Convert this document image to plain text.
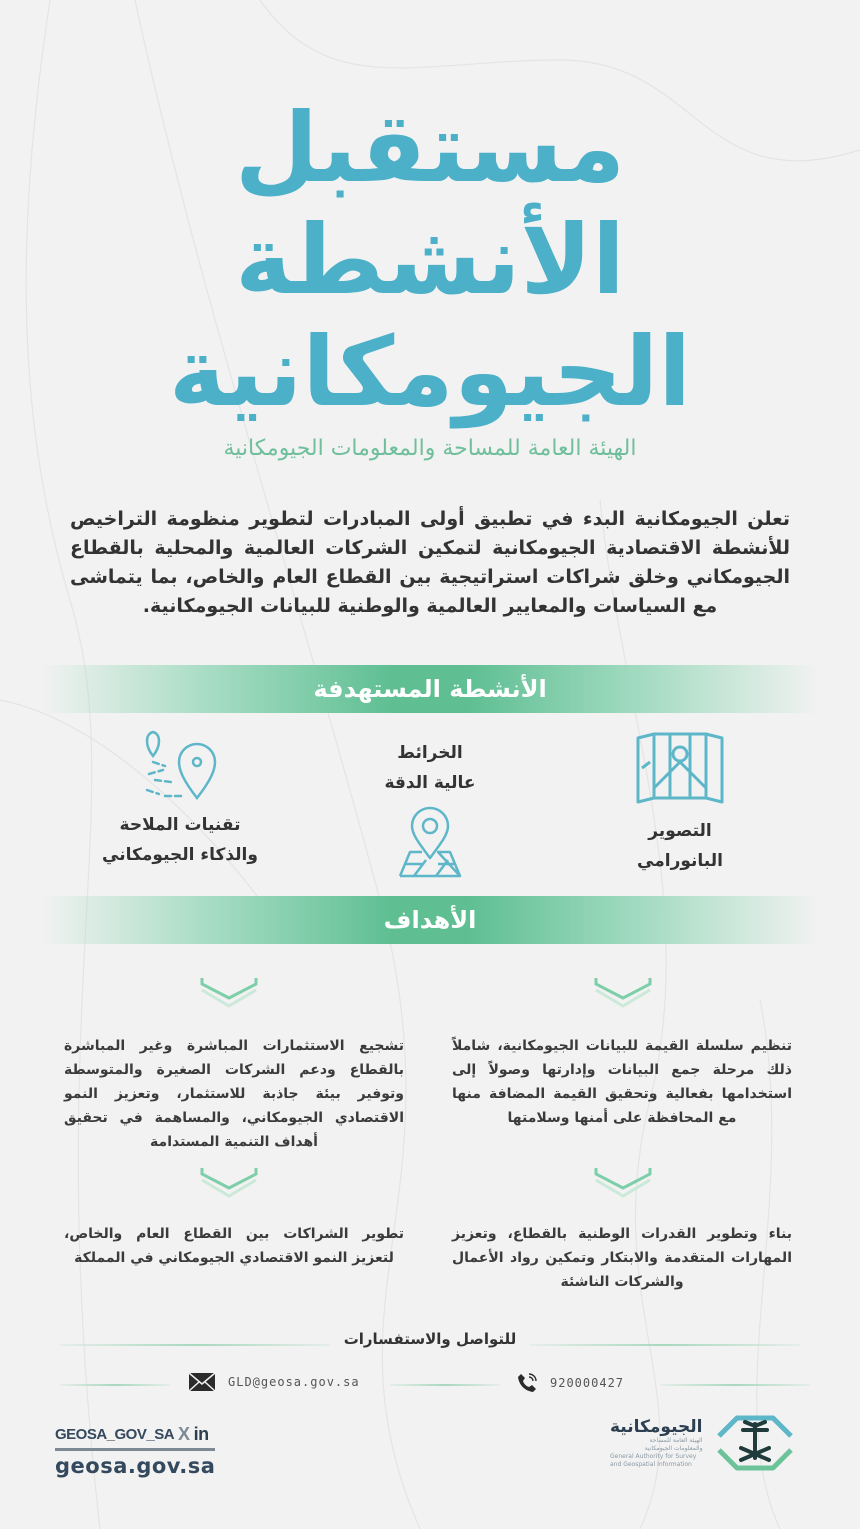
مستقبل
الأنشطة
الجيومكانية
الهيئة العامة للمساحة والمعلومات الجيومكانية

تعلن الجيومكانية البدء في تطبيق أولى المبادرات لتطوير منظومة التراخيص للأنشطة الاقتصادية الجيومكانية لتمكين الشركات العالمية والمحلية بالقطاع الجيومكاني وخلق شراكات استراتيجية بين القطاع العام والخاص، بما يتماشى مع السياسات والمعايير العالمية والوطنية للبيانات الجيومكانية.

الأنشطة المستهدفة
التصوير
البانورامي
الخرائط
عالية الدقة
تقنيات الملاحة
والذكاء الجيومكاني
الأهداف

تنظيم سلسلة القيمة للبيانات الجيومكانية، شاملاً ذلك مرحلة جمع البيانات وإدارتها وصولاً إلى استخدامها بفعالية وتحقيق القيمة المضافة منها مع المحافظة على أمنها وسلامتها

تشجيع الاستثمارات المباشرة وغير المباشرة بالقطاع ودعم الشركات الصغيرة والمتوسطة وتوفير بيئة جاذبة للاستثمار، وتعزيز النمو الاقتصادي الجيومكاني، والمساهمة في تحقيق أهداف التنمية المستدامة

بناء وتطوير القدرات الوطنية بالقطاع، وتعزيز المهارات المتقدمة والابتكار وتمكين رواد الأعمال والشركات الناشئة

تطوير الشراكات بين القطاع العام والخاص، لتعزيز النمو الاقتصادي الجيومكاني في المملكة

للتواصل والاستفسارات
GLD@geosa.gov.sa	920000427
GEOSA_GOV_SA X in
geosa.gov.sa
الجيومكانية
الهيئة العامة للمساحة
والمعلومات الجيومكانية
General Authority for Survey
and Geospatial Information
